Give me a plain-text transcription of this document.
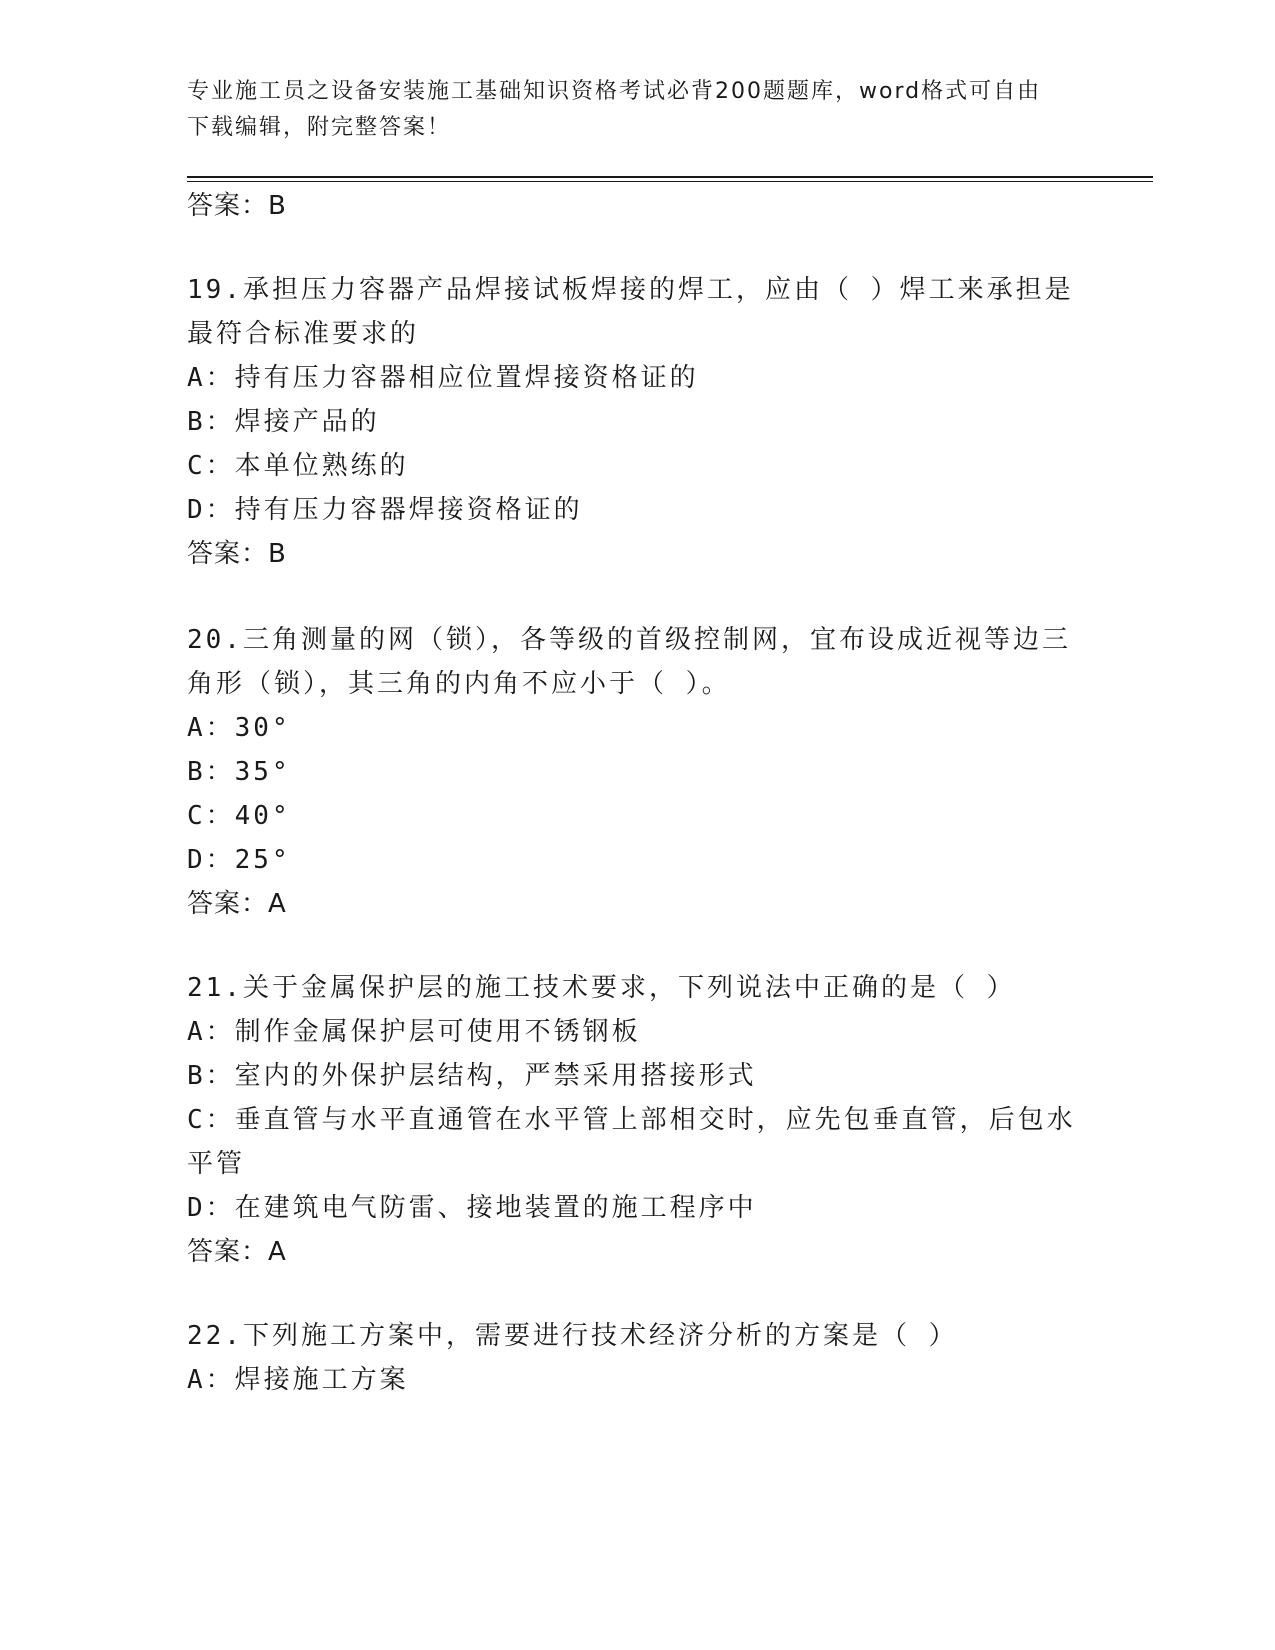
专业施工员之设备安装施工基础知识资格考试必背200题题库，word格式可自由
下载编辑，附完整答案！
答案：B
19.承担压力容器产品焊接试板焊接的焊工，应由（ ）焊工来承担是
最符合标准要求的
A：持有压力容器相应位置焊接资格证的
B：焊接产品的
C：本单位熟练的
D：持有压力容器焊接资格证的
答案：B
20.三角测量的网（锁），各等级的首级控制网，宜布设成近视等边三
角形（锁），其三角的内角不应小于（ ）。
A：30°
B：35°
C：40°
D：25°
答案：A
21.关于金属保护层的施工技术要求，下列说法中正确的是（ ）
A：制作金属保护层可使用不锈钢板
B：室内的外保护层结构，严禁采用搭接形式
C：垂直管与水平直通管在水平管上部相交时，应先包垂直管，后包水
平管
D：在建筑电气防雷、接地装置的施工程序中
答案：A
22.下列施工方案中，需要进行技术经济分析的方案是（ ）
A：焊接施工方案
